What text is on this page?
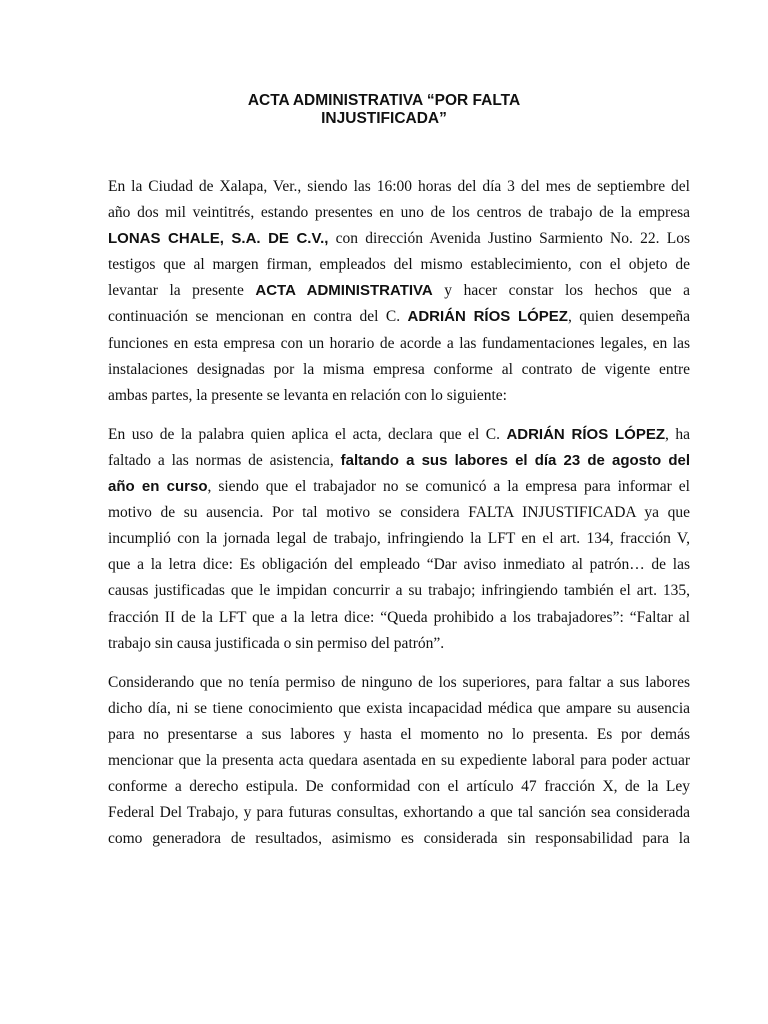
ACTA ADMINISTRATIVA “POR FALTA
INJUSTIFICADA”
En la Ciudad de Xalapa, Ver., siendo las 16:00 horas del día 3 del mes de septiembre del
año dos mil veintitrés, estando presentes en uno de los centros de trabajo de la empresa
LONAS CHALE, S.A. DE C.V., con dirección Avenida Justino Sarmiento No. 22. Los
testigos que al margen firman, empleados del mismo establecimiento, con el objeto de
levantar la presente ACTA ADMINISTRATIVA y hacer constar los hechos que a
continuación se mencionan en contra del C. ADRIÁN RÍOS LÓPEZ, quien desempeña
funciones en esta empresa con un horario de acorde a las fundamentaciones legales, en las
instalaciones designadas por la misma empresa conforme al contrato de vigente entre
ambas partes, la presente se levanta en relación con lo siguiente:
En uso de la palabra quien aplica el acta, declara que el C. ADRIÁN RÍOS LÓPEZ, ha
faltado a las normas de asistencia, faltando a sus labores el día 23 de agosto del
año en curso, siendo que el trabajador no se comunicó a la empresa para informar el
motivo de su ausencia. Por tal motivo se considera FALTA INJUSTIFICADA ya que
incumplió con la jornada legal de trabajo, infringiendo la LFT en el art. 134, fracción V,
que a la letra dice: Es obligación del empleado “Dar aviso inmediato al patrón… de las
causas justificadas que le impidan concurrir a su trabajo; infringiendo también el art. 135,
fracción II de la LFT que a la letra dice: “Queda prohibido a los trabajadores”: “Faltar al
trabajo sin causa justificada o sin permiso del patrón”.
Considerando que no tenía permiso de ninguno de los superiores, para faltar a sus labores
dicho día, ni se tiene conocimiento que exista incapacidad médica que ampare su ausencia
para no presentarse a sus labores y hasta el momento no lo presenta. Es por demás
mencionar que la presenta acta quedara asentada en su expediente laboral para poder actuar
conforme a derecho estipula. De conformidad con el artículo 47 fracción X, de la Ley
Federal Del Trabajo, y para futuras consultas, exhortando a que tal sanción sea considerada
como generadora de resultados, asimismo es considerada sin responsabilidad para la
